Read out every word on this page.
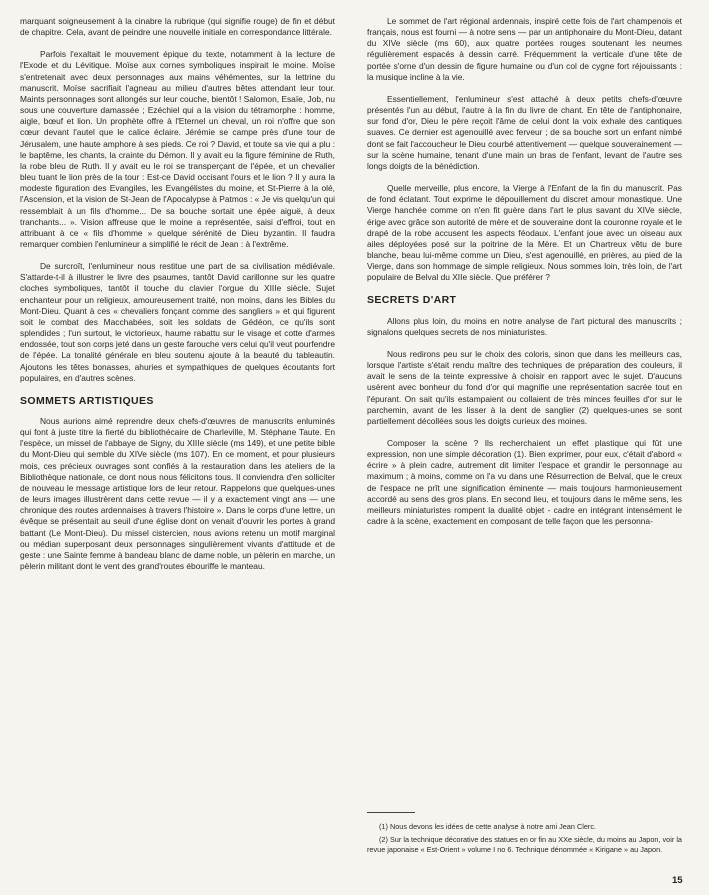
marquant soigneusement à la cinabre la rubrique (qui signifie rouge) de fin et début de chapitre. Cela, avant de peindre une nouvelle initiale en correspondance littérale.

Parfois l'exaltait le mouvement épique du texte, notamment à la lecture de l'Exode et du Lévitique. Moïse aux cornes symboliques inspirait le moine. Moïse s'entretenait avec deux personnages aux mains véhémentes, sur la lettrine du manuscrit. Moïse sacrifiait l'agneau au milieu d'autres bêtes attendant leur tour. Maints personnages sont allongés sur leur couche, bientôt ! Salomon, Esaïe, Job, nu sous une couverture damassée ; Ezéchiel qui a la vision du tétramorphe : homme, aigle, bœuf et lion. Un prophète offre à l'Eternel un cheval, un roi n'offre que son cœur devant l'autel que le calice éclaire. Jérémie se campe près d'une tour de Jérusalem, une haute amphore à ses pieds. Ce roi ? David, et toute sa vie qui a plu : le baptême, les chants, la crainte du Démon. Il y avait eu la figure féminine de Ruth, la robe bleu de Ruth. Il y avait eu le roi se transperçant de l'épée, et un chevalier bleu tuant le lion près de la tour : Est-ce David occisant l'ours et le lion ? Il y aura la modeste figuration des Evangiles, les Evangélistes du moine, et St-Pierre à la olé, l'Ascension, et la vision de St-Jean de l'Apocalypse à Patmos : « Je vis quelqu'un qui ressemblait à un fils d'homme... De sa bouche sortait une épée aiguë, à deux tranchants... ». Vision affreuse que le moine a représentée, saisi d'effroi, tout en attribuant à ce « fils d'homme » quelque sérénité de Dieu byzantin. Il faudra remarquer combien l'enlumineur a simplifié le récit de Jean : à l'extrême.

De surcroît, l'enlumineur nous restitue une part de sa civilisation médiévale. S'attarde-t-il à illustrer le livre des psaumes, tantôt David carillonne sur les quatre cloches symboliques, tantôt il touche du clavier l'orgue du XIIIe siècle. Sujet enchanteur pour un religieux, amoureusement traité, non moins, dans les Bibles du Mont-Dieu. Quant à ces « chevaliers fonçant comme des sangliers » et qui figurent soit le combat des Macchabées, soit les soldats de Gédéon, ce qu'ils sont splendides ; l'un surtout, le victorieux, haume rabattu sur le visage et cotte d'armes endossée, tout son corps jeté dans un geste farouche vers celui qu'il veut pourfendre de l'épée. La tonalité générale en bleu soutenu ajoute à la beauté du tableautin. Ajoutons les têtes bonasses, ahuries et sympathiques de quelques écoutants fort populaires, en d'autres scènes.

SOMMETS ARTISTIQUES

Nous aurions aimé reprendre deux chefs-d'œuvres de manuscrits enluminés qui font à juste titre la fierté du bibliothécaire de Charleville, M. Stéphane Taute. En l'espèce, un missel de l'abbaye de Signy, du XIIIe siècle (ms 149), et une petite bible du Mont-Dieu qui semble du XIVe siècle (ms 107). En ce moment, et pour plusieurs mois, ces précieux ouvrages sont confiés à la restauration dans les ateliers de la Bibliothèque nationale, ce dont nous nous félicitons tous. Il conviendra d'en solliciter de nouveau le message artistique lors de leur retour. Rappelons que quelques-unes de leurs images illustrèrent dans cette revue — il y a exactement vingt ans — une chronique des routes ardennaises à travers l'histoire ». Dans le corps d'une lettre, un évêque se présentait au seuil d'une église dont on venait d'ouvrir les portes à grand battant (Le Mont-Dieu). Du missel cistercien, nous avions retenu un motif marginal ou médian superposant deux personnages singulièrement vivants d'attitude et de geste : une Sainte femme à bandeau blanc de dame noble, un pèlerin en marche, un pèlerin militant dont le vent des grand'routes ébouriffe le manteau.

Le sommet de l'art régional ardennais, inspiré cette fois de l'art champenois et français, nous est fourni — à notre sens — par un antiphonaire du Mont-Dieu, datant du XIVe siècle (ms 60), aux quatre portées rouges soutenant les neumes régulièrement espacés à dessin carré. Fréquemment la verticale d'une tête de portée s'orne d'un dessin de figure humaine ou d'un col de cygne fort réjouissants : la musique incline à la vie.

Essentiellement, l'enlumineur s'est attaché à deux petits chefs-d'œuvre présentés l'un au début, l'autre à la fin du livre de chant. En tête de l'antiphonaire, sur fond d'or, Dieu le père reçoit l'âme de celui dont la voix exhale des cantiques suaves. Ce dernier est agenouillé avec ferveur ; de sa bouche sort un enfant nimbé dont se fait l'accoucheur le Dieu courbé attentivement — quelque souverainement — sur la scène humaine, tenant d'une main un bras de l'enfant, levant de l'autre ses longs doigts de la bénédiction.

Quelle merveille, plus encore, la Vierge à l'Enfant de la fin du manuscrit. Pas de fond éclatant. Tout exprime le dépouillement du discret amour monastique. Une Vierge hanchée comme on n'en fit guère dans l'art le plus savant du XIVe siècle, érige avec grâce son autorité de mère et de souveraine dont la couronne royale et le drapé de la robe accusent les aspects féodaux. L'enfant joue avec un oiseau aux ailes déployées posé sur la poitrine de la Mère. Et un Chartreux vêtu de bure blanche, beau lui-même comme un Dieu, s'est agenouillé, en prières, au pied de la Vierge, dans son hommage de simple religieux. Nous sommes loin, très loin, de l'art populaire de Belval du XIIe siècle. Que préférer ?

SECRETS D'ART

Allons plus loin, du moins en notre analyse de l'art pictural des manuscrits ; signalons quelques secrets de nos miniaturistes.

Nous redirons peu sur le choix des coloris, sinon que dans les meilleurs cas, lorsque l'artiste s'était rendu maître des techniques de préparation des couleurs, il avait le sens de la teinte expressive à choisir en rapport avec le sujet. D'aucuns usèrent avec bonheur du fond d'or qui magnifie une représentation sacrée tout en l'épurant. On sait qu'ils estampaient ou collaient de très minces feuilles d'or sur le parchemin, avant de les lisser à la dent de sanglier (2) quelques-unes se sont partiellement décollées sous les doigts curieux des moines.

Composer la scène ? Ils recherchaient un effet plastique qui fût une expression, non une simple décoration (1). Bien exprimer, pour eux, c'était d'abord « écrire » à plein cadre, autrement dit limiter l'espace et grandir le personnage au maximum ; à moins, comme on l'a vu dans une Résurrection de Belval, que le creux de l'espace ne prît une signification éminente — mais toujours harmonieusement accordé au sens des gros plans. En second lieu, et toujours dans le même sens, les meilleurs miniaturistes rompent la dualité objet - cadre en intégrant intensément le cadre à la scène, exactement en composant de telle façon que les personna-

(1) Nous devons les idées de cette analyse à notre ami Jean Clerc.

(2) Sur la technique décorative des statues en or fin au XXe siècle, du moins au Japon, voir la revue japonaise « Est-Orient » volume I no 6. Technique dénommée « Kirigane » au Japon.

15
